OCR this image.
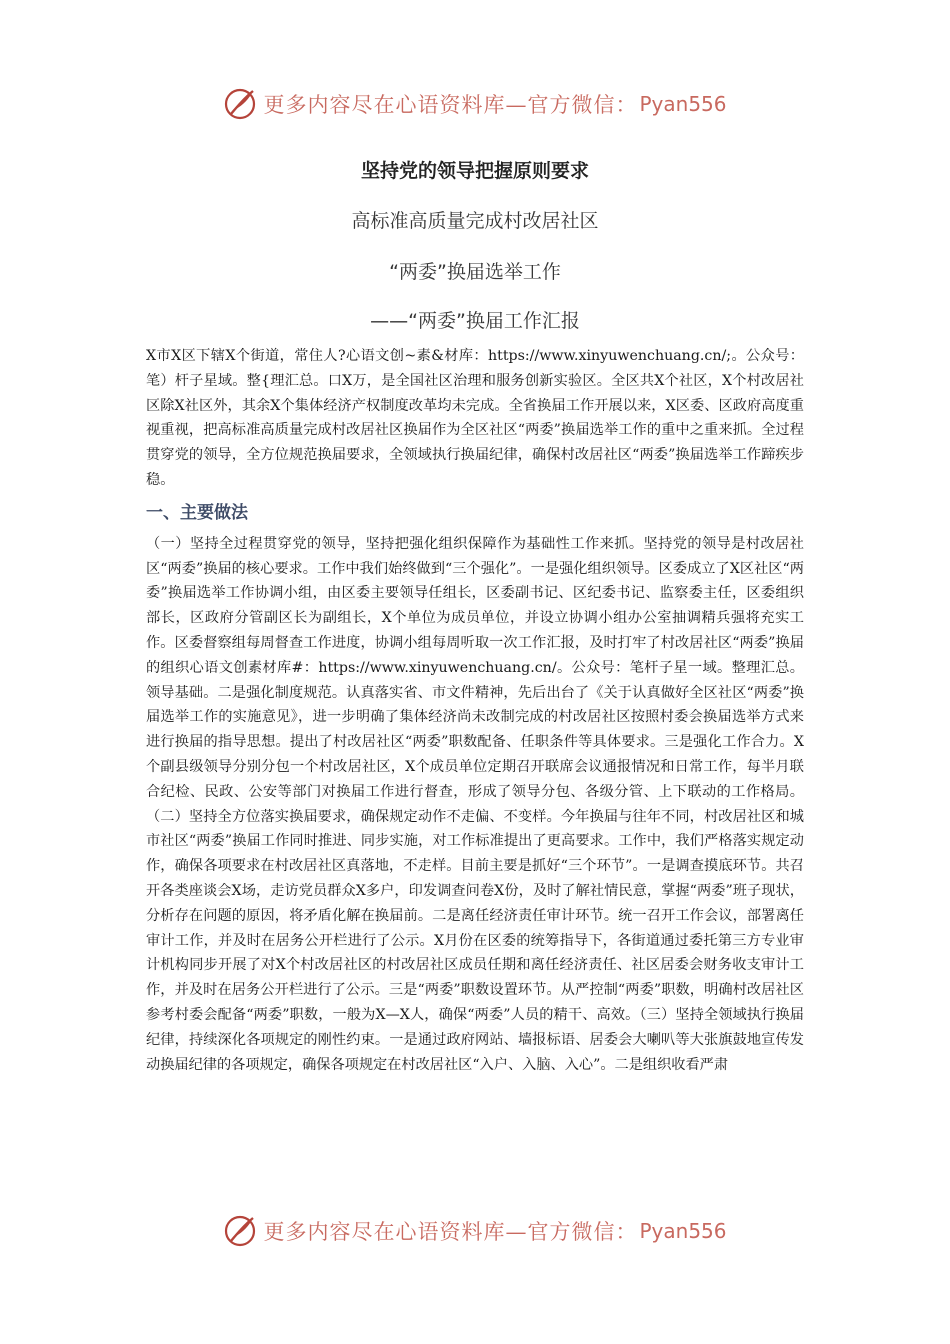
更多内容尽在心语资料库—官方微信： Pyan556
坚持党的领导把握原则要求
高标准高质量完成村改居社区
“两委”换届选举工作
——“两委”换届工作汇报

X市X区下辖X个街道，常住人?心语文创~素&材库：https://www.xinyuwenchuang.cn/;。公众号：笔）杆子星域。整{理汇总。口X万，是全国社区治理和服务创新实验区。全区共X个社区，X个村改居社区除X社区外，其余X个集体经济产权制度改革均未完成。全省换届工作开展以来，X区委、区政府高度重视重视，把高标准高质量完成村改居社区换届作为全区社区“两委”换届选举工作的重中之重来抓。全过程贯穿党的领导，全方位规范换届要求，全领域执行换届纪律，确保村改居社区“两委”换届选举工作蹄疾步稳。

一、主要做法

（一）坚持全过程贯穿党的领导，坚持把强化组织保障作为基础性工作来抓。坚持党的领导是村改居社区“两委”换届的核心要求。工作中我们始终做到“三个强化”。一是强化组织领导。区委成立了X区社区“两委”换届选举工作协调小组，由区委主要领导任组长，区委副书记、区纪委书记、监察委主任，区委组织部长，区政府分管副区长为副组长，X个单位为成员单位，并设立协调小组办公室抽调精兵强将充实工作。区委督察组每周督查工作进度，协调小组每周听取一次工作汇报，及时打牢了村改居社区“两委”换届的组织心语文创素材库#：https://www.xinyuwenchuang.cn/。公众号：笔杆子星一域。整理汇总。领导基础。二是强化制度规范。认真落实省、市文件精神，先后出台了《关于认真做好全区社区“两委”换届选举工作的实施意见》，进一步明确了集体经济尚未改制完成的村改居社区按照村委会换届选举方式来进行换届的指导思想。提出了村改居社区“两委”职数配备、任职条件等具体要求。三是强化工作合力。X个副县级领导分别分包一个村改居社区，X个成员单位定期召开联席会议通报情况和日常工作，每半月联合纪检、民政、公安等部门对换届工作进行督查，形成了领导分包、各级分管、上下联动的工作格局。（二）坚持全方位落实换届要求，确保规定动作不走偏、不变样。今年换届与往年不同，村改居社区和城市社区“两委”换届工作同时推进、同步实施，对工作标准提出了更高要求。工作中，我们严格落实规定动作，确保各项要求在村改居社区真落地，不走样。目前主要是抓好“三个环节”。一是调查摸底环节。共召开各类座谈会X场，走访党员群众X多户，印发调查问卷X份，及时了解社情民意，掌握“两委”班子现状，分析存在问题的原因，将矛盾化解在换届前。二是离任经济责任审计环节。统一召开工作会议，部署离任审计工作，并及时在居务公开栏进行了公示。X月份在区委的统筹指导下，各街道通过委托第三方专业审计机构同步开展了对X个村改居社区的村改居社区成员任期和离任经济责任、社区居委会财务收支审计工作，并及时在居务公开栏进行了公示。三是“两委”职数设置环节。从严控制“两委”职数，明确村改居社区参考村委会配备“两委”职数，一般为X—X人，确保“两委”人员的精干、高效。（三）坚持全领域执行换届纪律，持续深化各项规定的刚性约束。一是通过政府网站、墙报标语、居委会大喇叭等大张旗鼓地宣传发动换届纪律的各项规定，确保各项规定在村改居社区“入户、入脑、入心”。二是组织收看严肃

更多内容尽在心语资料库—官方微信： Pyan556
